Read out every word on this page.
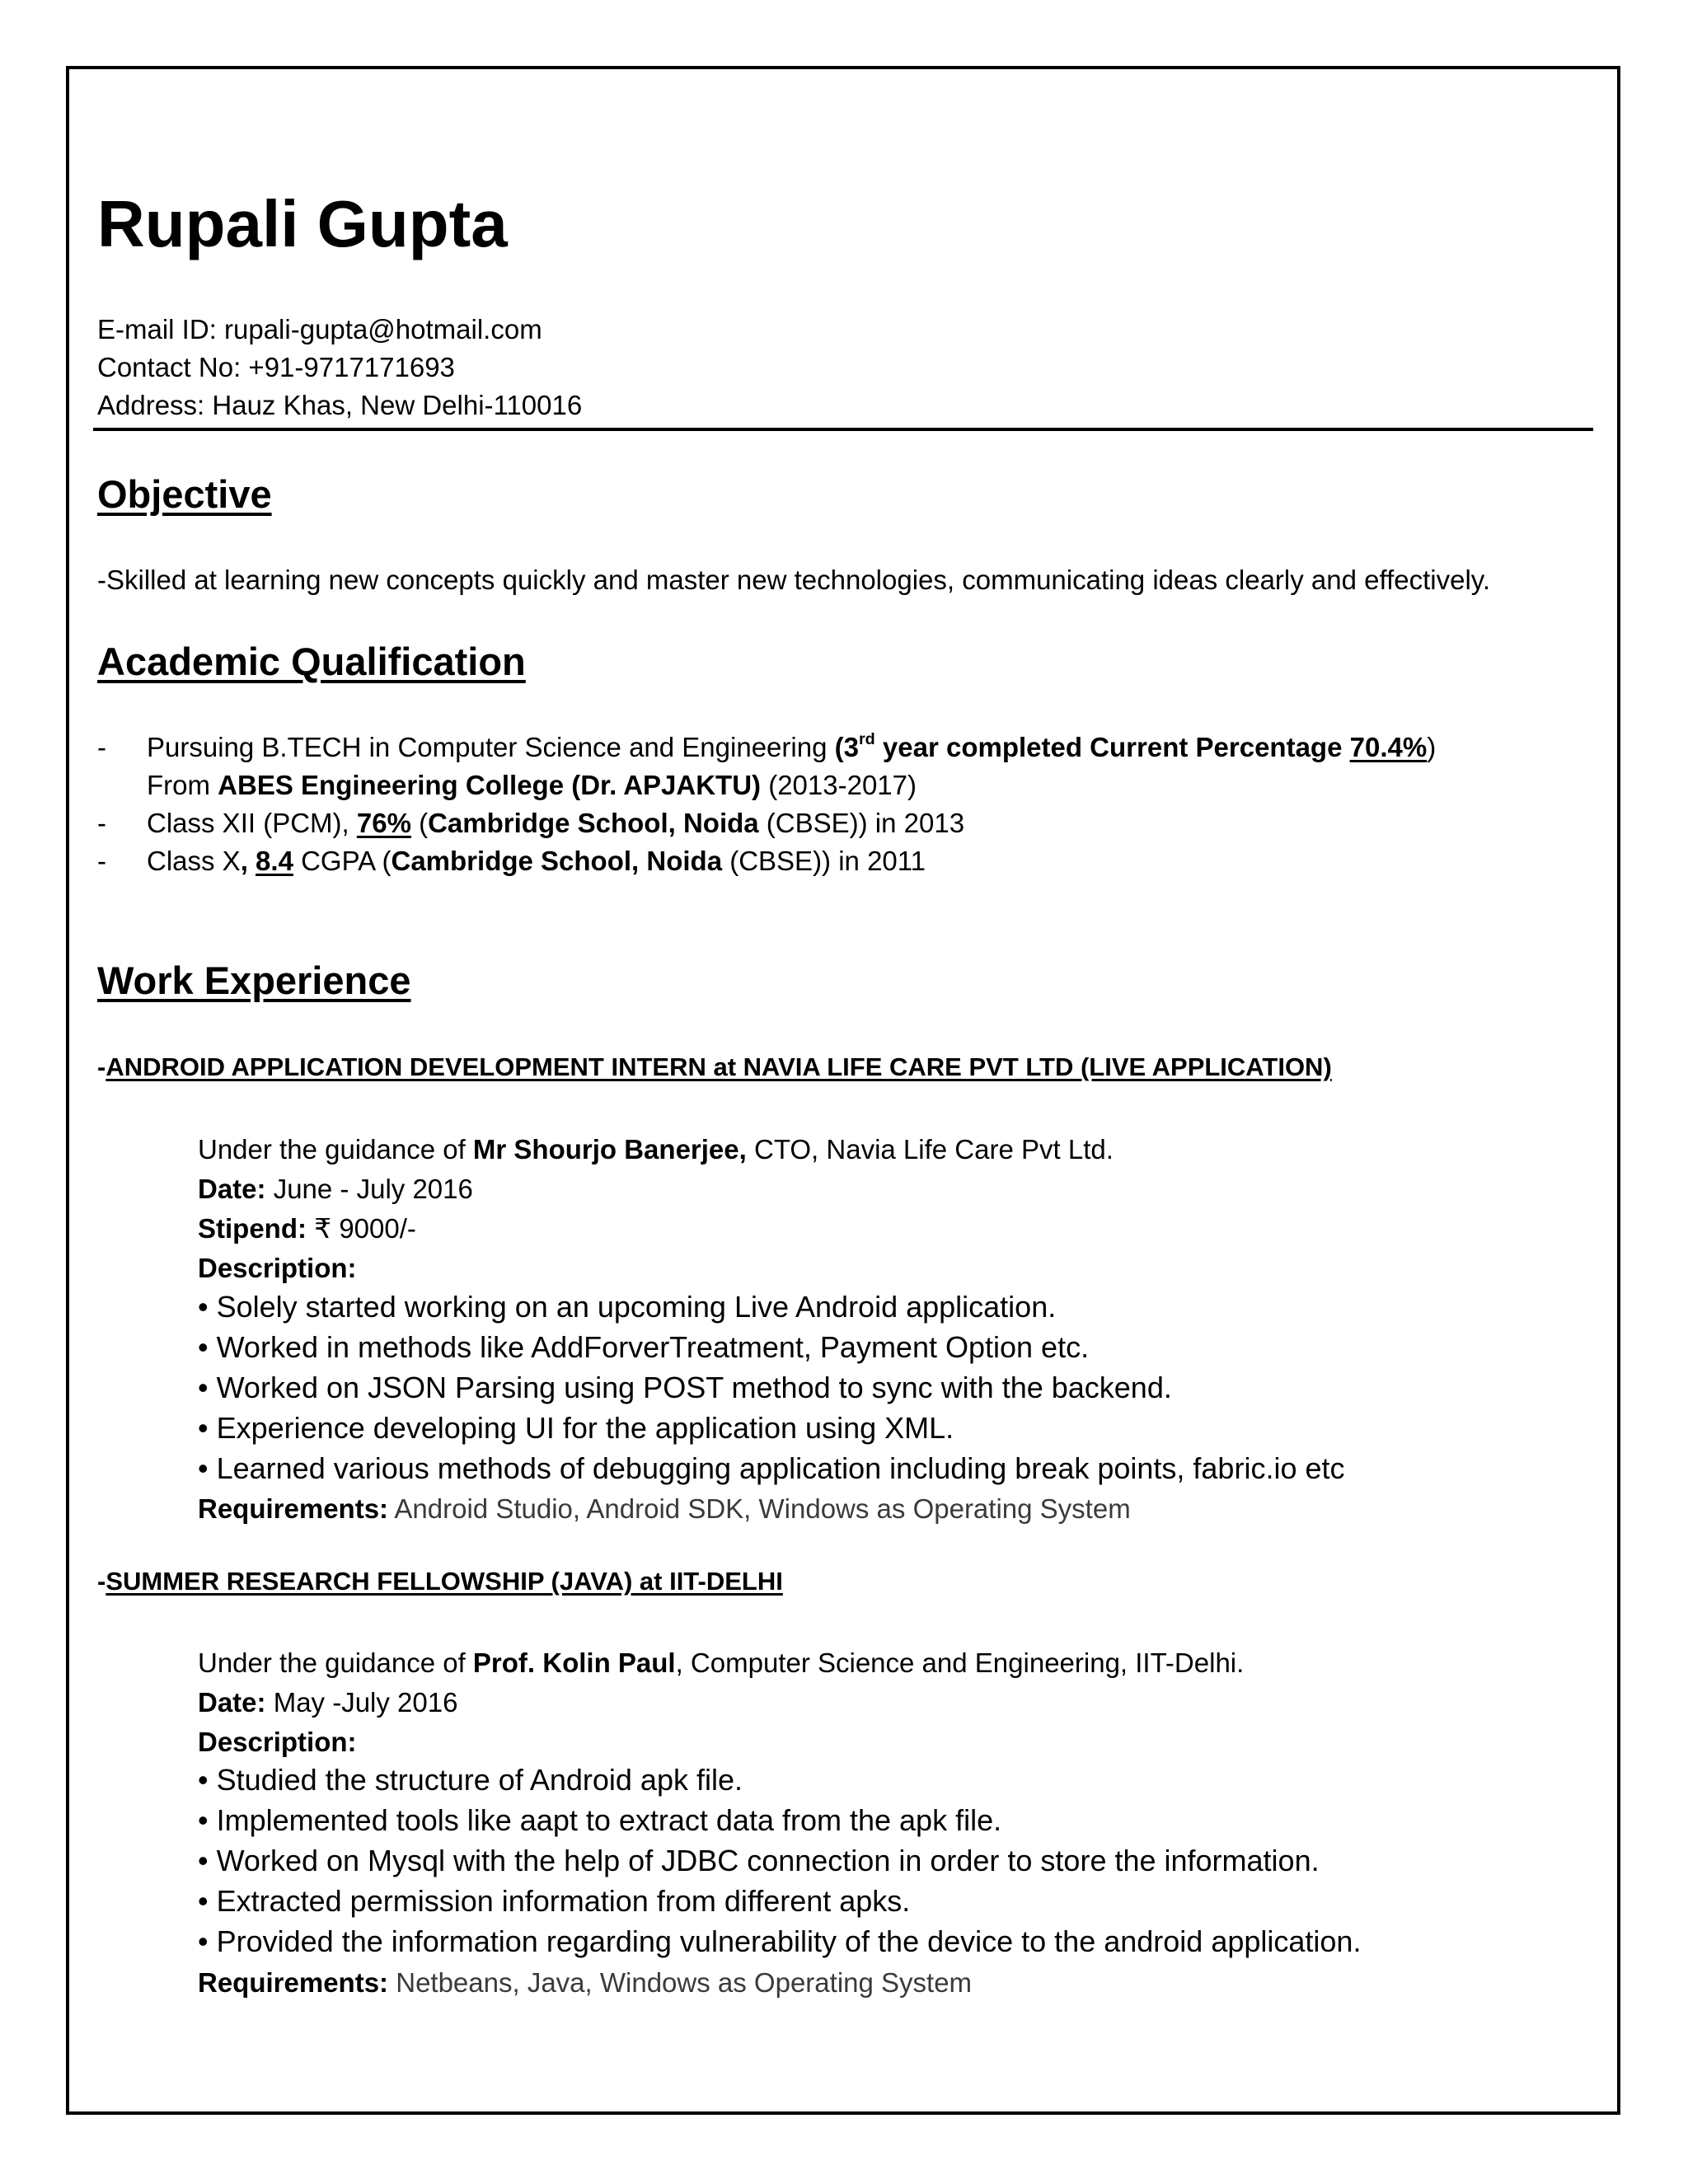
Rupali Gupta
E-mail ID: rupali-gupta@hotmail.com
Contact No: +91-9717171693
Address: Hauz Khas, New Delhi-110016
Objective
-Skilled at learning new concepts quickly and master new technologies, communicating ideas clearly and effectively.
Academic Qualification
- Pursuing B.TECH in Computer Science and Engineering (3rd year completed Current Percentage 70.4%)
From ABES Engineering College (Dr. APJAKTU) (2013-2017)
- Class XII (PCM), 76% (Cambridge School, Noida (CBSE)) in 2013
- Class X, 8.4 CGPA (Cambridge School, Noida (CBSE)) in 2011
Work Experience
-ANDROID APPLICATION DEVELOPMENT INTERN at NAVIA LIFE CARE PVT LTD (LIVE APPLICATION)
Under the guidance of Mr Shourjo Banerjee, CTO, Navia Life Care Pvt Ltd.
Date: June - July 2016
Stipend: ₹ 9000/-
Description:
• Solely started working on an upcoming Live Android application.
• Worked in methods like AddForverTreatment, Payment Option etc.
• Worked on JSON Parsing using POST method to sync with the backend.
• Experience developing UI for the application using XML.
• Learned various methods of debugging application including break points, fabric.io etc
Requirements: Android Studio, Android SDK, Windows as Operating System
-SUMMER RESEARCH FELLOWSHIP (JAVA) at IIT-DELHI
Under the guidance of Prof. Kolin Paul, Computer Science and Engineering, IIT-Delhi.
Date: May -July 2016
Description:
• Studied the structure of Android apk file.
• Implemented tools like aapt to extract data from the apk file.
• Worked on Mysql with the help of JDBC connection in order to store the information.
• Extracted permission information from different apks.
• Provided the information regarding vulnerability of the device to the android application.
Requirements: Netbeans, Java, Windows as Operating System
